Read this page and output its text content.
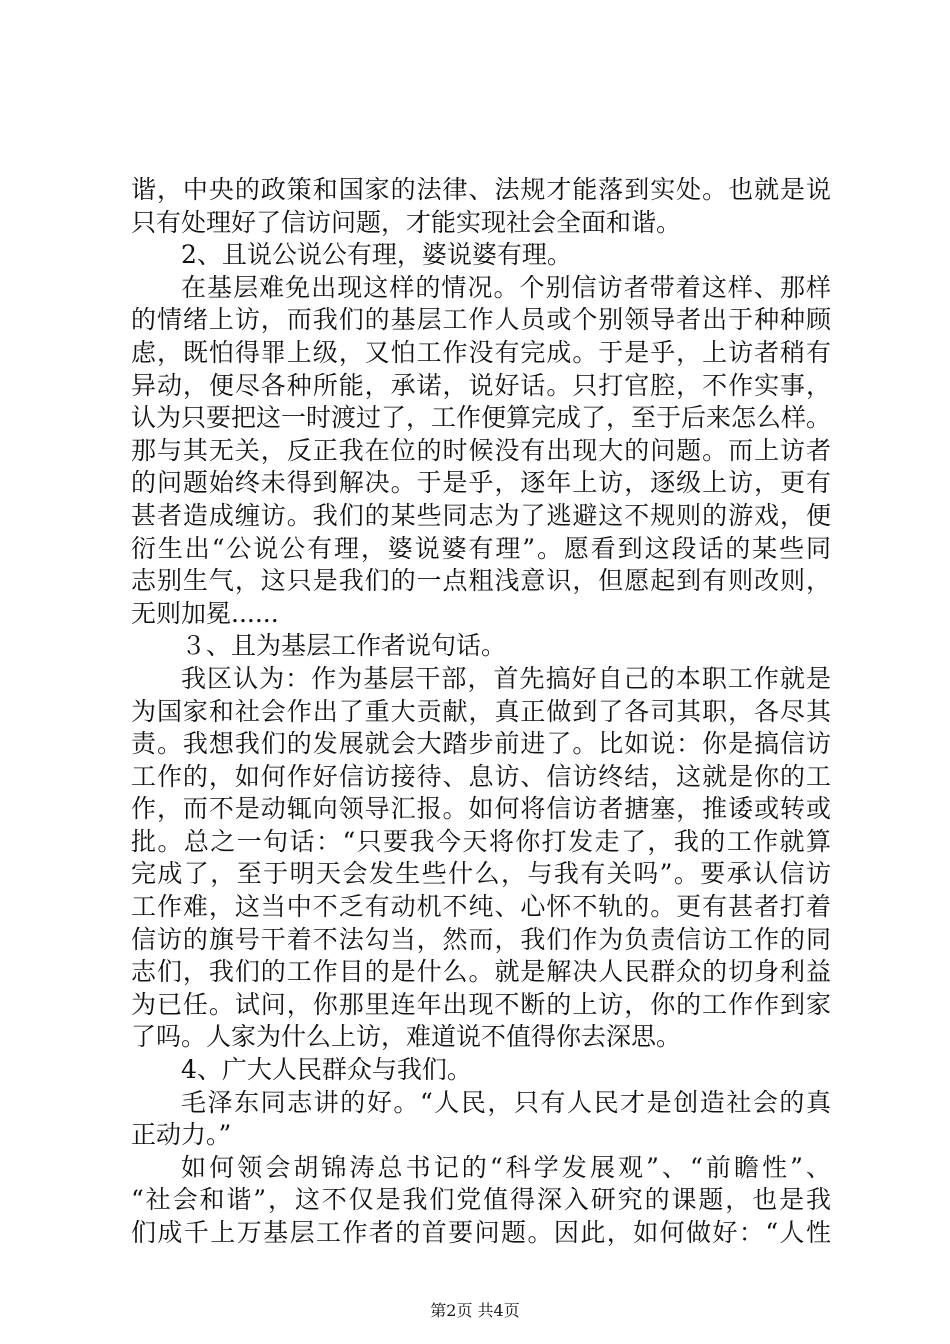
谐，中央的政策和国家的法律、法规才能落到实处。也就是说
只有处理好了信访问题，才能实现社会全面和谐。
2、且说公说公有理，婆说婆有理。
在基层难免出现这样的情况。个别信访者带着这样、那样
的情绪上访，而我们的基层工作人员或个别领导者出于种种顾
虑，既怕得罪上级，又怕工作没有完成。于是乎，上访者稍有
异动，便尽各种所能，承诺，说好话。只打官腔，不作实事，
认为只要把这一时渡过了，工作便算完成了，至于后来怎么样。
那与其无关，反正我在位的时候没有出现大的问题。而上访者
的问题始终未得到解决。于是乎，逐年上访，逐级上访，更有
甚者造成缠访。我们的某些同志为了逃避这不规则的游戏，便
衍生出“公说公有理，婆说婆有理”。愿看到这段话的某些同
志别生气，这只是我们的一点粗浅意识，但愿起到有则改则，
无则加冕......
３、且为基层工作者说句话。
我区认为：作为基层干部，首先搞好自己的本职工作就是
为国家和社会作出了重大贡献，真正做到了各司其职，各尽其
责。我想我们的发展就会大踏步前进了。比如说：你是搞信访
工作的，如何作好信访接待、息访、信访终结，这就是你的工
作，而不是动辄向领导汇报。如何将信访者搪塞，推诿或转或
批。总之一句话：“只要我今天将你打发走了，我的工作就算
完成了，至于明天会发生些什么，与我有关吗”。要承认信访
工作难，这当中不乏有动机不纯、心怀不轨的。更有甚者打着
信访的旗号干着不法勾当，然而，我们作为负责信访工作的同
志们，我们的工作目的是什么。就是解决人民群众的切身利益
为已任。试问，你那里连年出现不断的上访，你的工作作到家
了吗。人家为什么上访，难道说不值得你去深思。
4、广大人民群众与我们。
毛泽东同志讲的好。“人民，只有人民才是创造社会的真
正动力。”
如何领会胡锦涛总书记的“科学发展观”、“前瞻性”、
“社会和谐”，这不仅是我们党值得深入研究的课题，也是我
们成千上万基层工作者的首要问题。因此，如何做好：“人性
第2页 共4页
